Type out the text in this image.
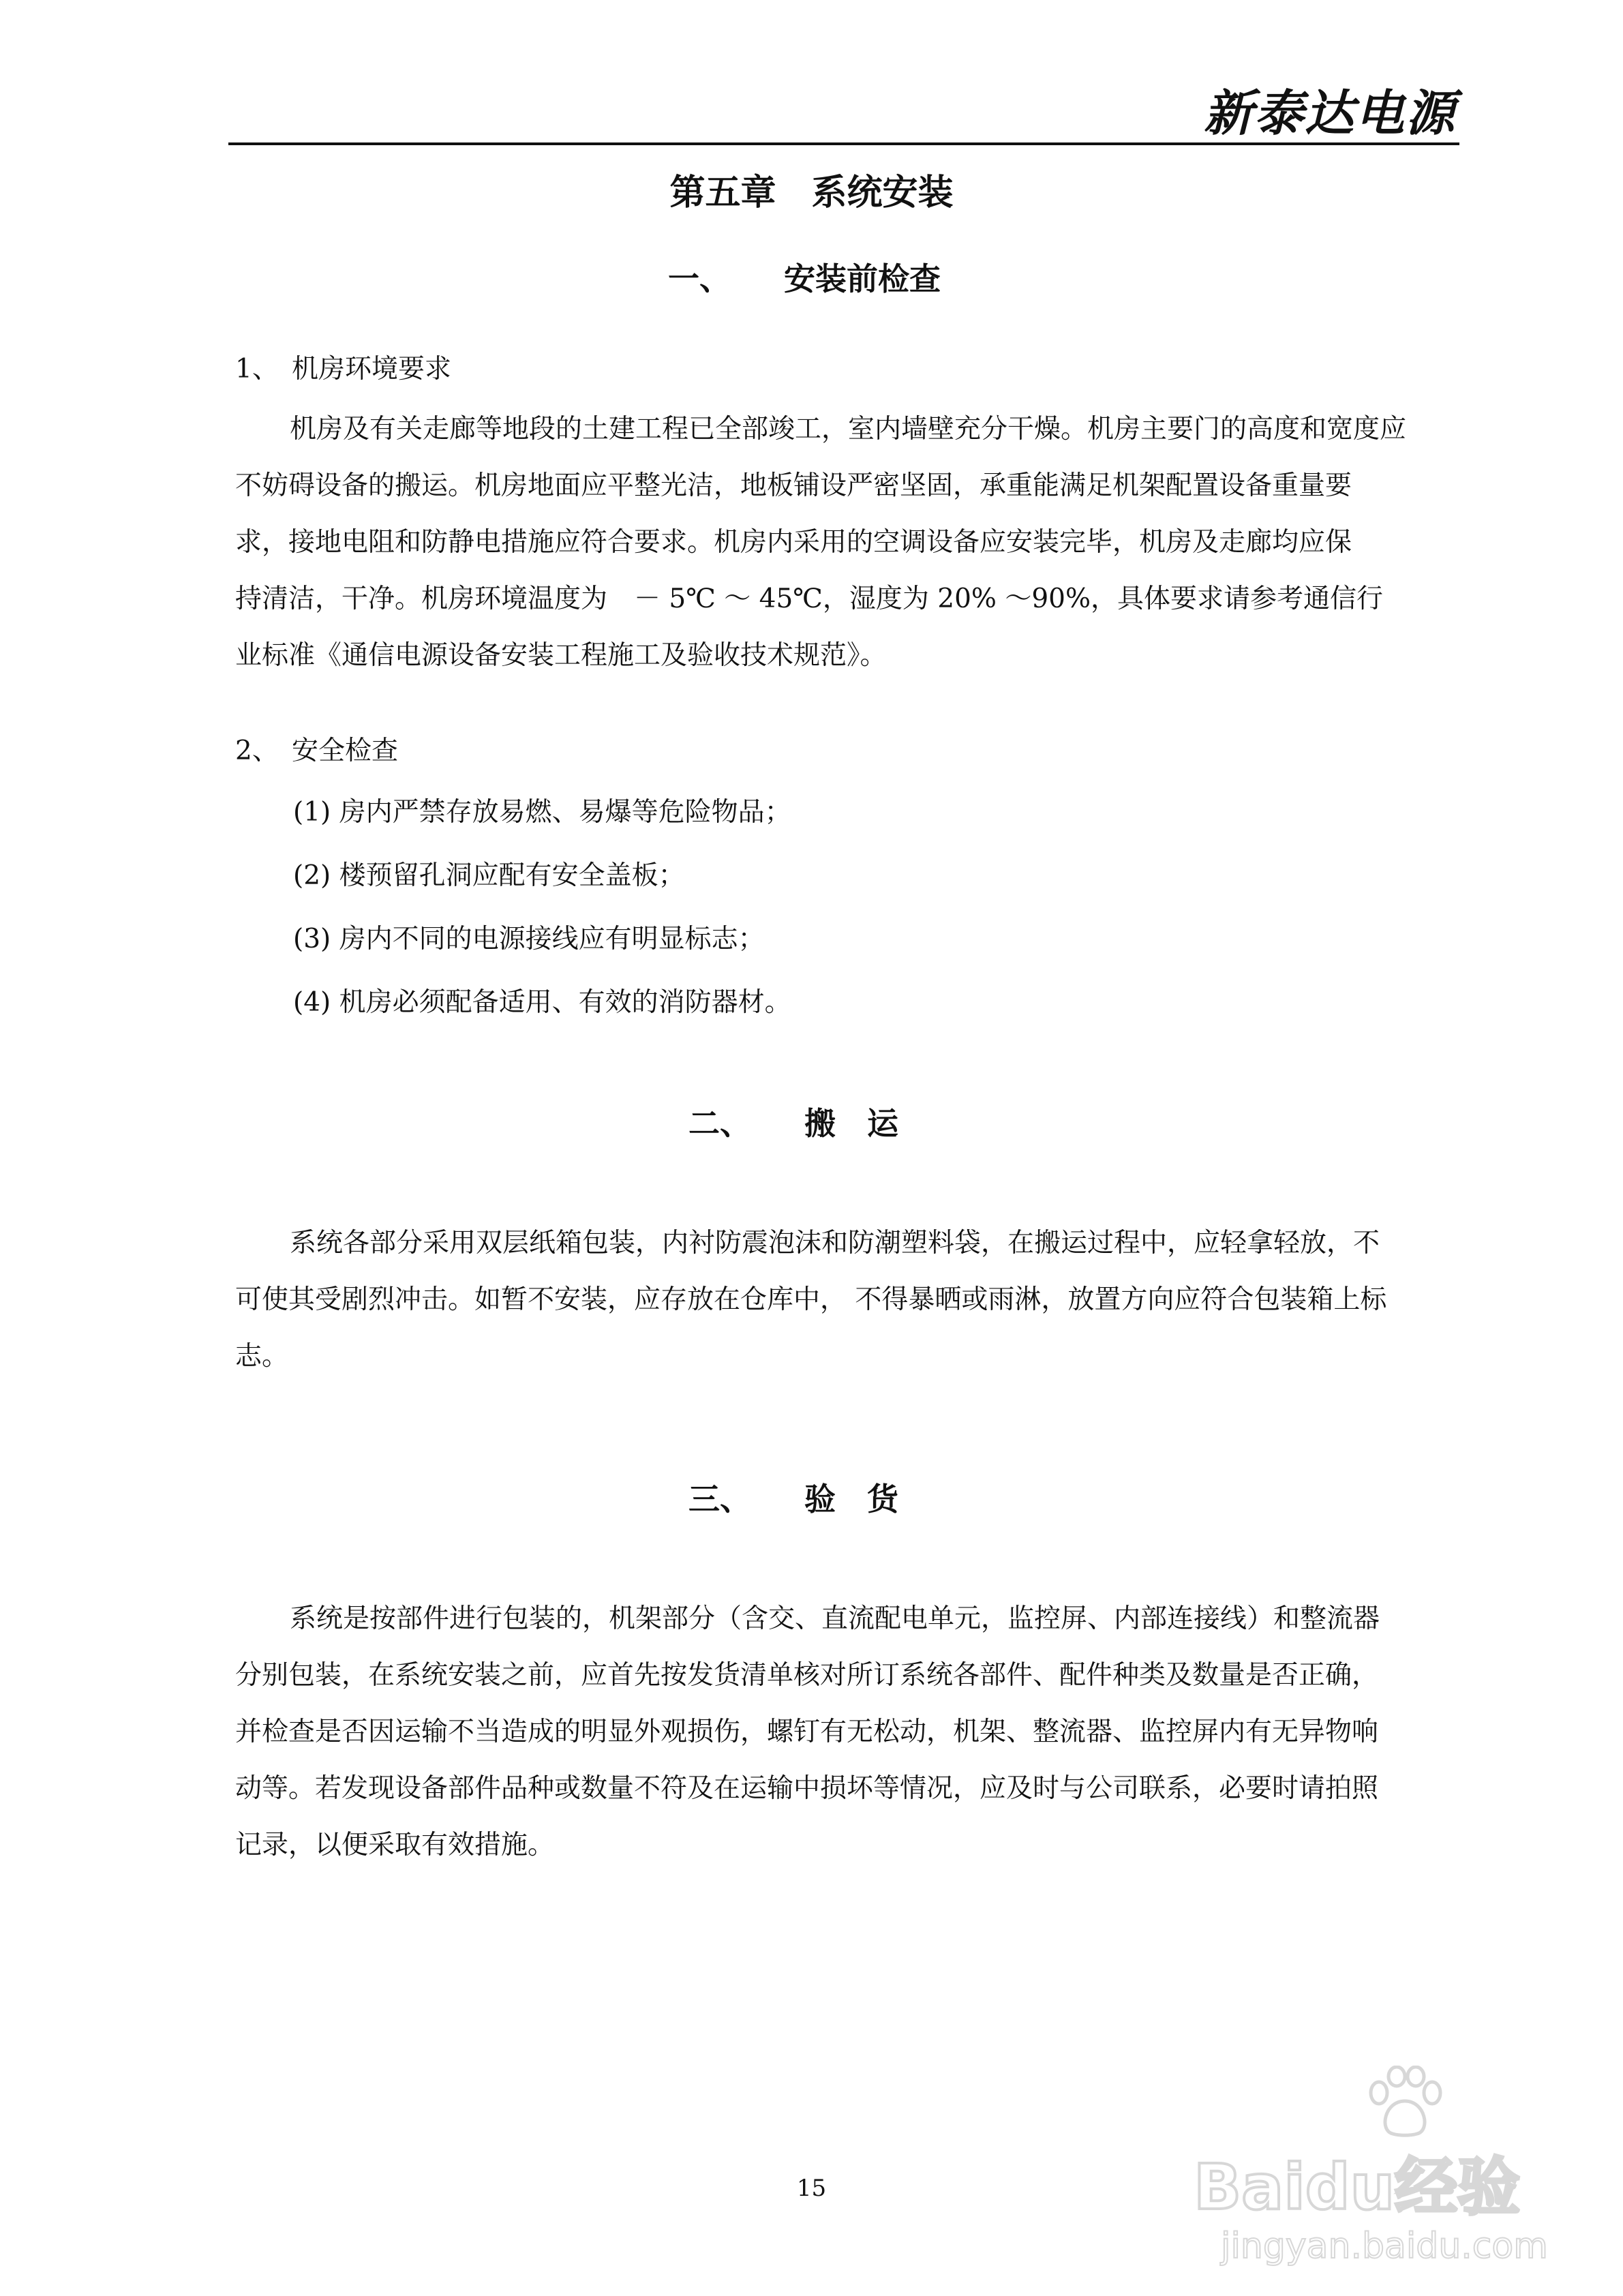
新泰达电源
第五章　系统安装
一、 安装前检查
1、 机房环境要求
机房及有关走廊等地段的土建工程已全部竣工，室内墙壁充分干燥。机房主要门的高度和宽度应
不妨碍设备的搬运。机房地面应平整光洁，地板铺设严密坚固，承重能满足机架配置设备重量要
求，接地电阻和防静电措施应符合要求。机房内采用的空调设备应安装完毕，机房及走廊均应保
持清洁，干净。机房环境温度为　－ 5℃ ～ 45℃，湿度为 20% ～90%，具体要求请参考通信行
业标准《通信电源设备安装工程施工及验收技术规范》。
2、 安全检查
(1) 房内严禁存放易燃、易爆等危险物品；
(2) 楼预留孔洞应配有安全盖板；
(3) 房内不同的电源接线应有明显标志；
(4) 机房必须配备适用、有效的消防器材。
二、 搬　运
系统各部分采用双层纸箱包装，内衬防震泡沫和防潮塑料袋，在搬运过程中，应轻拿轻放，不
可使其受剧烈冲击。如暂不安装，应存放在仓库中， 不得暴晒或雨淋，放置方向应符合包装箱上标
志。
三、 验　货
系统是按部件进行包装的，机架部分（含交、直流配电单元，监控屏、内部连接线）和整流器
分别包装，在系统安装之前，应首先按发货清单核对所订系统各部件、配件种类及数量是否正确，
并检查是否因运输不当造成的明显外观损伤，螺钉有无松动，机架、整流器、监控屏内有无异物响
动等。若发现设备部件品种或数量不符及在运输中损坏等情况，应及时与公司联系，必要时请拍照
记录，以便采取有效措施。
15	Baidu经验
jingyan.baidu.com
